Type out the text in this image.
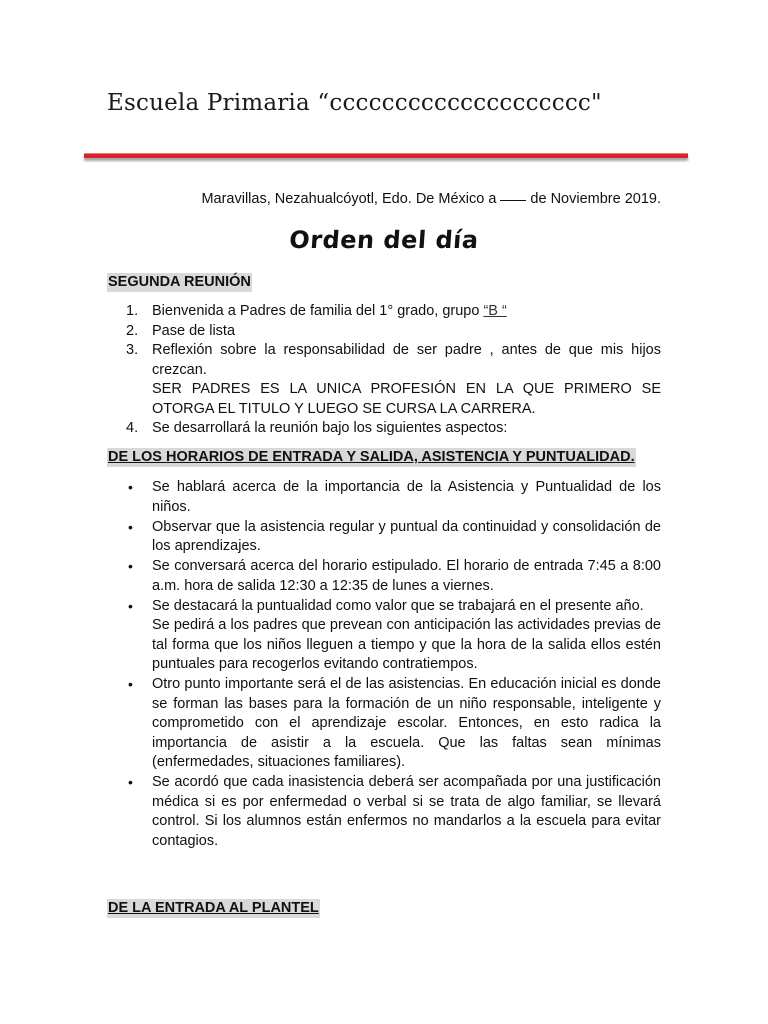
Escuela Primaria “cccccccccccccccccccc"
Maravillas, Nezahualcóyotl, Edo. De México a de Noviembre 2019.
Orden del día
SEGUNDA REUNIÓN
1. Bienvenida a Padres de familia del 1° grado, grupo “B “
2. Pase de lista
3. Reflexión sobre la responsabilidad de ser padre , antes de que mis hijos crezcan.
SER PADRES ES LA UNICA PROFESIÓN EN LA QUE PRIMERO SE OTORGA EL TITULO Y LUEGO SE CURSA LA CARRERA.
4. Se desarrollará la reunión bajo los siguientes aspectos:
DE LOS HORARIOS DE ENTRADA Y SALIDA, ASISTENCIA Y PUNTUALIDAD.
• Se hablará acerca de la importancia de la Asistencia y Puntualidad de los niños.
• Observar que la asistencia regular y puntual da continuidad y consolidación de los aprendizajes.
• Se conversará acerca del horario estipulado. El horario de entrada 7:45 a 8:00 a.m. hora de salida 12:30 a 12:35 de lunes a viernes.
• Se destacará la puntualidad como valor que se trabajará en el presente año.
Se pedirá a los padres que prevean con anticipación las actividades previas de tal forma que los niños lleguen a tiempo y que la hora de la salida ellos estén puntuales para recogerlos evitando contratiempos.
• Otro punto importante será el de las asistencias. En educación inicial es donde se forman las bases para la formación de un niño responsable, inteligente y comprometido con el aprendizaje escolar. Entonces, en esto radica la importancia de asistir a la escuela. Que las faltas sean mínimas (enfermedades, situaciones familiares).
• Se acordó que cada inasistencia deberá ser acompañada por una justificación médica si es por enfermedad o verbal si se trata de algo familiar, se llevará control. Si los alumnos están enfermos no mandarlos a la escuela para evitar contagios.
DE LA ENTRADA AL PLANTEL
